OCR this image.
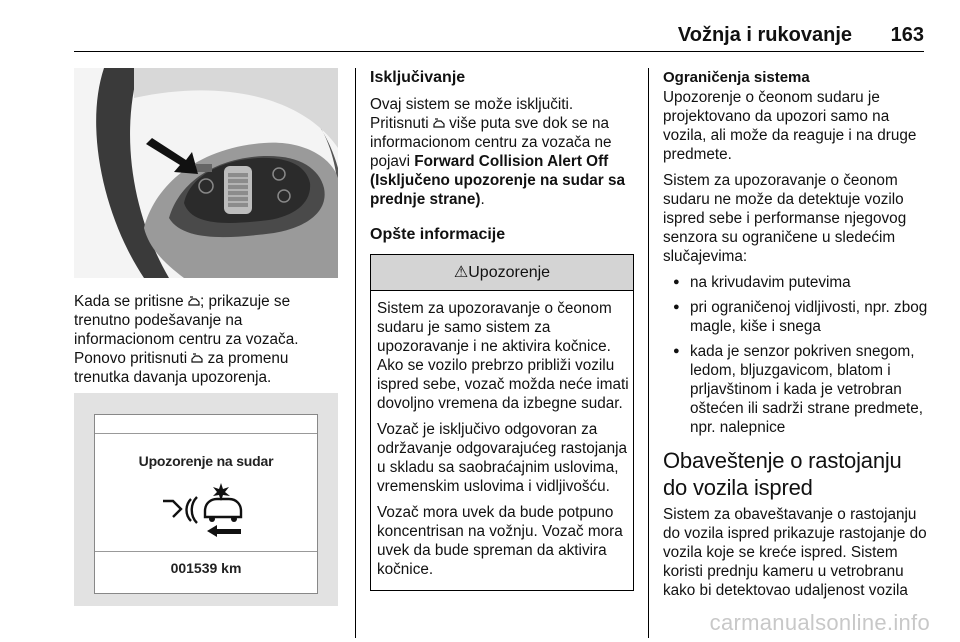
Vožnja i rukovanje 163

Kada se pritisne ; prikazuje se trenutno podešavanje na informacionom centru za vozača. Ponovo pritisnuti  za promenu trenutka davanja upozorenja.

Upozorenje na sudar
001539 km
Isključivanje

Ovaj sistem se može isključiti. Pritisnuti  više puta sve dok se na informacionom centru za vozača ne pojavi Forward Collision Alert Off (Isključeno upozorenje na sudar sa prednje strane).

Opšte informacije
⚠Upozorenje

Sistem za upozoravanje o čeonom sudaru je samo sistem za upozoravanje i ne aktivira kočnice. Ako se vozilo prebrzo približi vozilu ispred sebe, vozač možda neće imati dovoljno vremena da izbegne sudar.

Vozač je isključivo odgovoran za održavanje odgovarajućeg rastojanja u skladu sa saobraćajnim uslovima, vremenskim uslovima i vidljivošću.

Vozač mora uvek da bude potpuno koncentrisan na vožnju. Vozač mora uvek da bude spreman da aktivira kočnice.

Ograničenja sistema

Upozorenje o čeonom sudaru je projektovano da upozori samo na vozila, ali može da reaguje i na druge predmete.

Sistem za upozoravanje o čeonom sudaru ne može da detektuje vozilo ispred sebe i performanse njegovog senzora su ograničene u sledećim slučajevima:

● na krivudavim putevima
● pri ograničenoj vidljivosti, npr. zbog magle, kiše i snega
● kada je senzor pokriven snegom, ledom, bljuzgavicom, blatom i prljavštinom i kada je vetrobran oštećen ili sadrži strane predmete, npr. nalepnice
Obaveštenje o rastojanju do vozila ispred

Sistem za obaveštavanje o rastojanju do vozila ispred prikazuje rastojanje do vozila koje se kreće ispred. Sistem koristi prednju kameru u vetrobranu kako bi detektovao udaljenost vozila

carmanualsonline.info
